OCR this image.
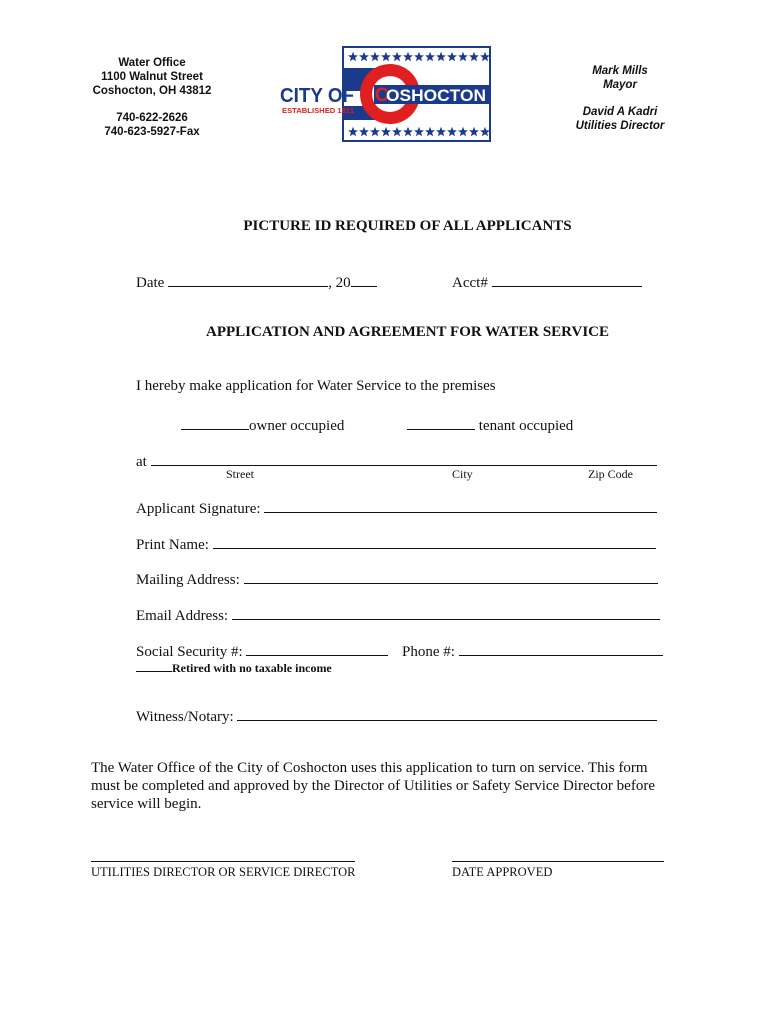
Water Office
1100 Walnut Street
Coshocton, OH 43812
740-622-2626
740-623-5927-Fax
C
OSHOCTON
CITY OF
ESTABLISHED 1811
Mark Mills
Mayor
David A Kadri
Utilities Director
PICTURE ID REQUIRED OF ALL APPLICANTS
Date	, 20	Acct#
APPLICATION AND AGREEMENT FOR WATER SERVICE
I hereby make application for Water Service to the premises
owner occupied	tenant occupied
at
Street	City	Zip Code
Applicant Signature:
Print Name:
Mailing Address:
Email Address:
Social Security #:	Phone #:
Retired with no taxable income
Witness/Notary:
The Water Office of the City of Coshocton uses this application to turn on service. This form must be completed and approved by the Director of Utilities or Safety Service Director before service will begin.
UTILITIES DIRECTOR OR SERVICE DIRECTOR	DATE APPROVED
